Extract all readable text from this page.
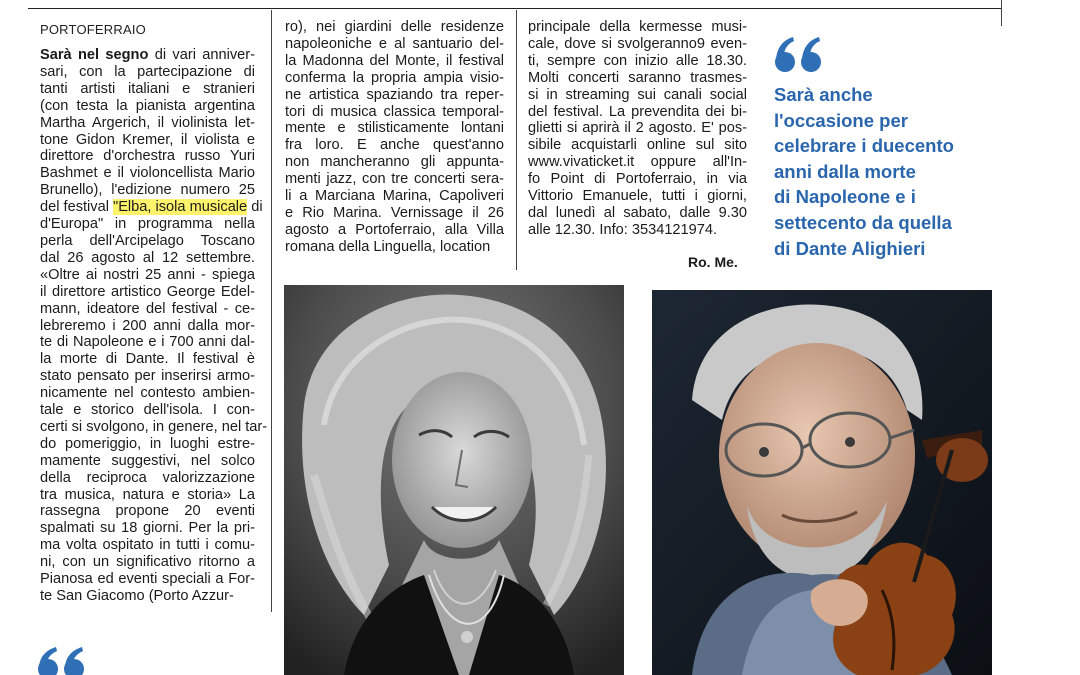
PORTOFERRAIO
Sarà nel segno di vari anniver-
sari, con la partecipazione di
tanti artisti italiani e stranieri
(con testa la pianista argentina
Martha Argerich, il violinista let-
tone Gidon Kremer, il violista e
direttore d'orchestra russo Yuri
Bashmet e il violoncellista Mario
Brunello), l'edizione numero 25
del festival "Elba, isola musicale di
d'Europa" in programma nella
perla dell'Arcipelago Toscano
dal 26 agosto al 12 settembre.
«Oltre ai nostri 25 anni - spiega
il direttore artistico George Edel-
mann, ideatore del festival - ce-
lebreremo i 200 anni dalla mor-
te di Napoleone e i 700 anni dal-
la morte di Dante. Il festival è
stato pensato per inserirsi armo-
nicamente nel contesto ambien-
tale e storico dell'isola. I con-
certi si svolgono, in genere, nel tar-
do pomeriggio, in luoghi estre-
mamente suggestivi, nel solco
della reciproca valorizzazione
tra musica, natura e storia» La
rassegna propone 20 eventi
spalmati su 18 giorni. Per la pri-
ma volta ospitato in tutti i comu-
ni, con un significativo ritorno a
Pianosa ed eventi speciali a For-
te San Giacomo (Porto Azzur-
ro), nei giardini delle residenze
napoleoniche e al santuario del-
la Madonna del Monte, il festival
conferma la propria ampia visio-
ne artistica spaziando tra reper-
tori di musica classica temporal-
mente e stilisticamente lontani
fra loro. E anche quest'anno
non mancheranno gli appunta-
menti jazz, con tre concerti sera-
li a Marciana Marina, Capoliveri
e Rio Marina. Vernissage il 26
agosto a Portoferraio, alla Villa
romana della Linguella, location
principale della kermesse musi-
cale, dove si svolgeranno9 even-
ti, sempre con inizio alle 18.30.
Molti concerti saranno trasmes-
si in streaming sui canali social
del festival. La prevendita dei bi-
glietti si aprirà il 2 agosto. E' pos-
sibile acquistarli online sul sito
www.vivaticket.it oppure all'In-
fo Point di Portoferraio, in via
Vittorio Emanuele, tutti i giorni,
dal lunedì al sabato, dalle 9.30
alle 12.30. Info: 3534121974.
Ro. Me.
Sarà anche
l'occasione per
celebrare i duecento
anni dalla morte
di Napoleone e i
settecento da quella
di Dante Alighieri
